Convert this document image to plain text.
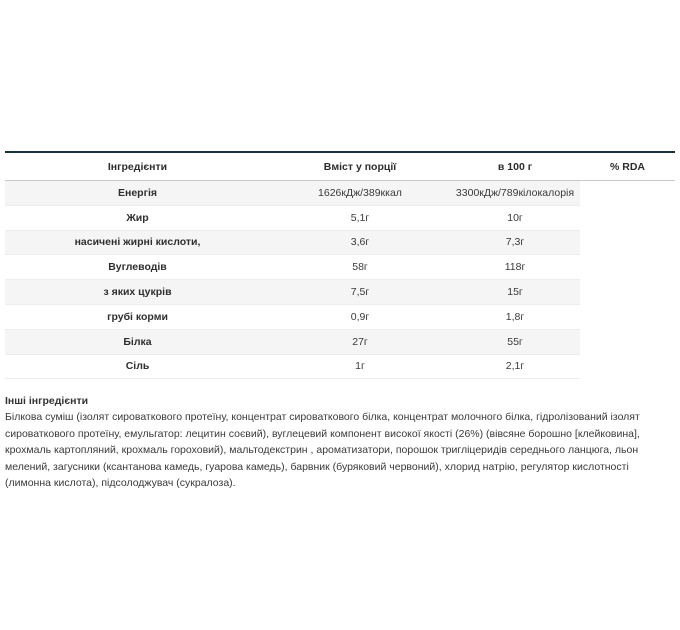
Інгредієнти	Вміст у порції	в 100 г	% RDA
Енергія	1626кДж/389ккал	3300кДж/789кілокалорія
Жир	5,1г	10г
насичені жирні кислоти,	3,6г	7,3г
Вуглеводів	58г	118г
з яких цукрів	7,5г	15г
грубі корми	0,9г	1,8г
Білка	27г	55г
Сіль	1г	2,1г
Інші інгредієнти
Білкова суміш (ізолят сироваткового протеїну, концентрат сироваткового білка, концентрат молочного білка, гідролізований ізолят сироваткового протеїну, емульгатор: лецитин соєвий), вуглецевий компонент високої якості (26%) (вівсяне борошно [клейковина], крохмаль картопляний, крохмаль гороховий), мальтодекстрин , ароматизатори, порошок тригліцеридів середнього ланцюга, льон мелений, загусники (ксантанова камедь, гуарова камедь), барвник (буряковий червоний), хлорид натрію, регулятор кислотності (лимонна кислота), підсолоджувач (сукралоза).
